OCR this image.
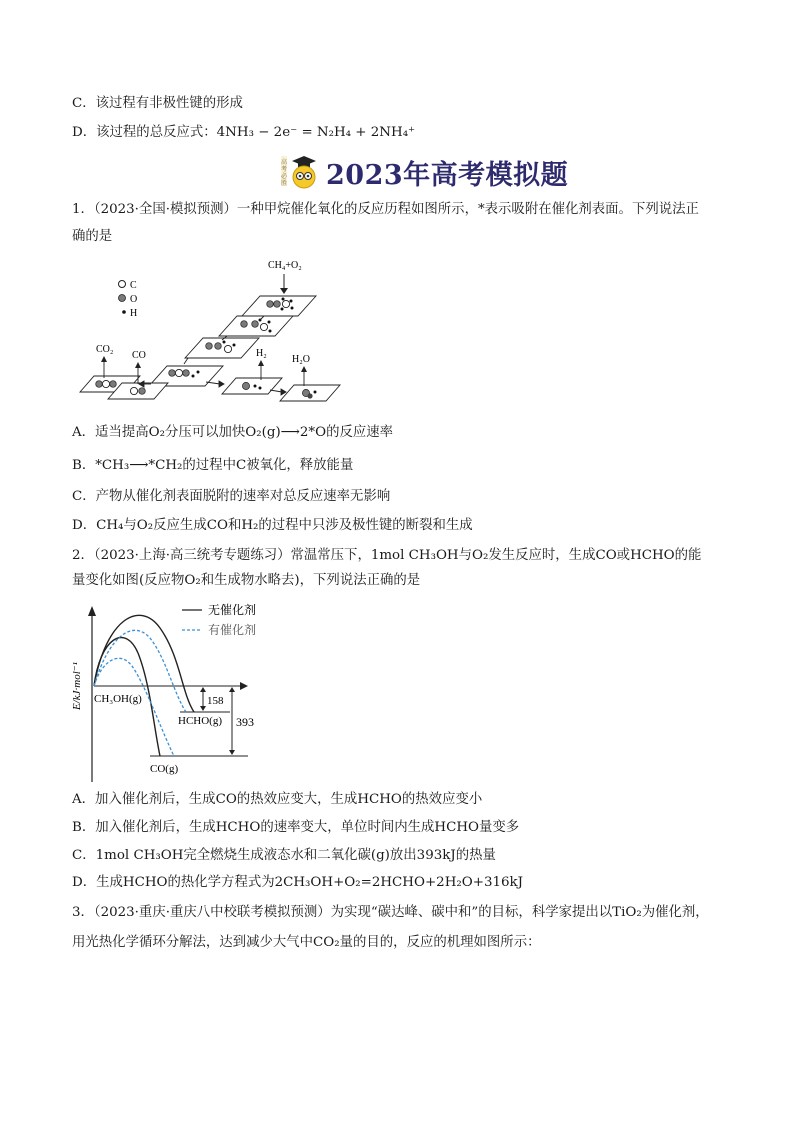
C．该过程有非极性键的形成
D．该过程的总反应式：4NH₃ − 2e⁻ = N₂H₄ + 2NH₄⁺
高
考
必
胜 2023年高考模拟题
1．（2023·全国·模拟预测）一种甲烷催化氧化的反应历程如图所示，*表示吸附在催化剂表面。下列说法正
确的是
C
O
H
CH₄+O₂
CO₂
CO	H₂
H₂O
A．适当提高O₂分压可以加快O₂(g)⟶2*O的反应速率
B．*CH₃⟶*CH₂的过程中C被氧化，释放能量
C．产物从催化剂表面脱附的速率对总反应速率无影响
D．CH₄与O₂反应生成CO和H₂的过程中只涉及极性键的断裂和生成
2．（2023·上海·高三统考专题练习）常温常压下，1mol CH₃OH与O₂发生反应时，生成CO或HCHO的能
量变化如图(反应物O₂和生成物水略去)，下列说法正确的是
E/kJ·mol⁻¹
无催化剂
有催化剂
158
393
CH₃OH(g)
HCHO(g)
CO(g)
A．加入催化剂后，生成CO的热效应变大，生成HCHO的热效应变小
B．加入催化剂后，生成HCHO的速率变大，单位时间内生成HCHO量变多
C．1mol CH₃OH完全燃烧生成液态水和二氧化碳(g)放出393kJ的热量
D．生成HCHO的热化学方程式为2CH₃OH+O₂=2HCHO+2H₂O+316kJ
3．（2023·重庆·重庆八中校联考模拟预测）为实现“碳达峰、碳中和”的目标，科学家提出以TiO₂为催化剂，
用光热化学循环分解法，达到减少大气中CO₂量的目的，反应的机理如图所示：
